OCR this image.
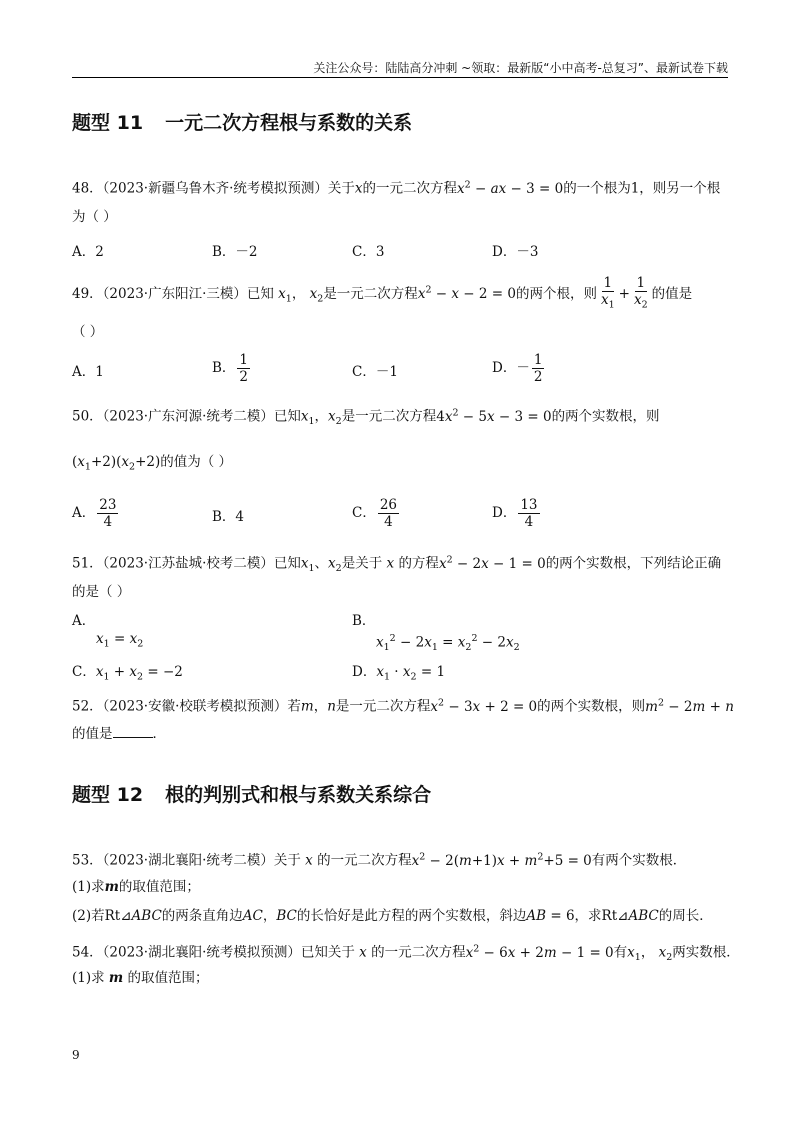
关注公众号：陆陆高分冲刺 ~领取：最新版“小中高考-总复习”、最新试卷下载
题型 11 一元二次方程根与系数的关系
48．（2023·新疆乌鲁木齐·统考模拟预测）关于x的一元二次方程$x^2$ − ax − 3 = 0的一个根为1，则另一个根
为（ ）
A．2	B．－2	C．3	D．－3
49．（2023·广东阳江·三模）已知 $x_1$， $x_2$是一元二次方程$x^2 - x - 2 = 0$的两个根，则 $\frac{1}{x_1} + \frac{1}{x_2}$ 的值是
（ ）
A．1	B． $\frac{1}{2}$	C．－1	D．－ $\frac{1}{2}$
50．（2023·广东河源·统考二模）已知$x_1$，$x_2$是一元二次方程$4x^2 - 5x - 3 = 0$的两个实数根，则
$(x_1+2)(x_2+2)$的值为（ ）
A． $\frac{23}{4}$	B．4	C． $\frac{26}{4}$	D． $\frac{13}{4}$
51．（2023·江苏盐城·校考二模）已知$x_1$、$x_2$是关于 x 的方程$x^2 - 2x - 1 = 0$的两个实数根，下列结论正确
的是（ ）
A．
$x_1 = x_2$
B．
$x_1^2 - 2x_1 = x_2^2 - 2x_2$
C．$x_1 + x_2 = -2$	D．$x_1 \cdot x_2 = 1$
52．（2023·安徽·校联考模拟预测）若m，n是一元二次方程$x^2 - 3x + 2 = 0$的两个实数根，则$m^2 - 2m + n$
的值是	．
题型 12 根的判别式和根与系数关系综合
53．（2023·湖北襄阳·统考二模）关于 x 的一元二次方程$x^2 - 2(m+1)x + m^2+5 = 0$有两个实数根．
(1)求m的取值范围；
(2)若Rt⊿ABC的两条直角边AC，BC的长恰好是此方程的两个实数根，斜边AB = 6，求Rt⊿ABC的周长．
54．（2023·湖北襄阳·统考模拟预测）已知关于 x 的一元二次方程$x^2 - 6x + 2m - 1 = 0$有$x_1$， $x_2$两实数根．
(1)求 m 的取值范围；
9
